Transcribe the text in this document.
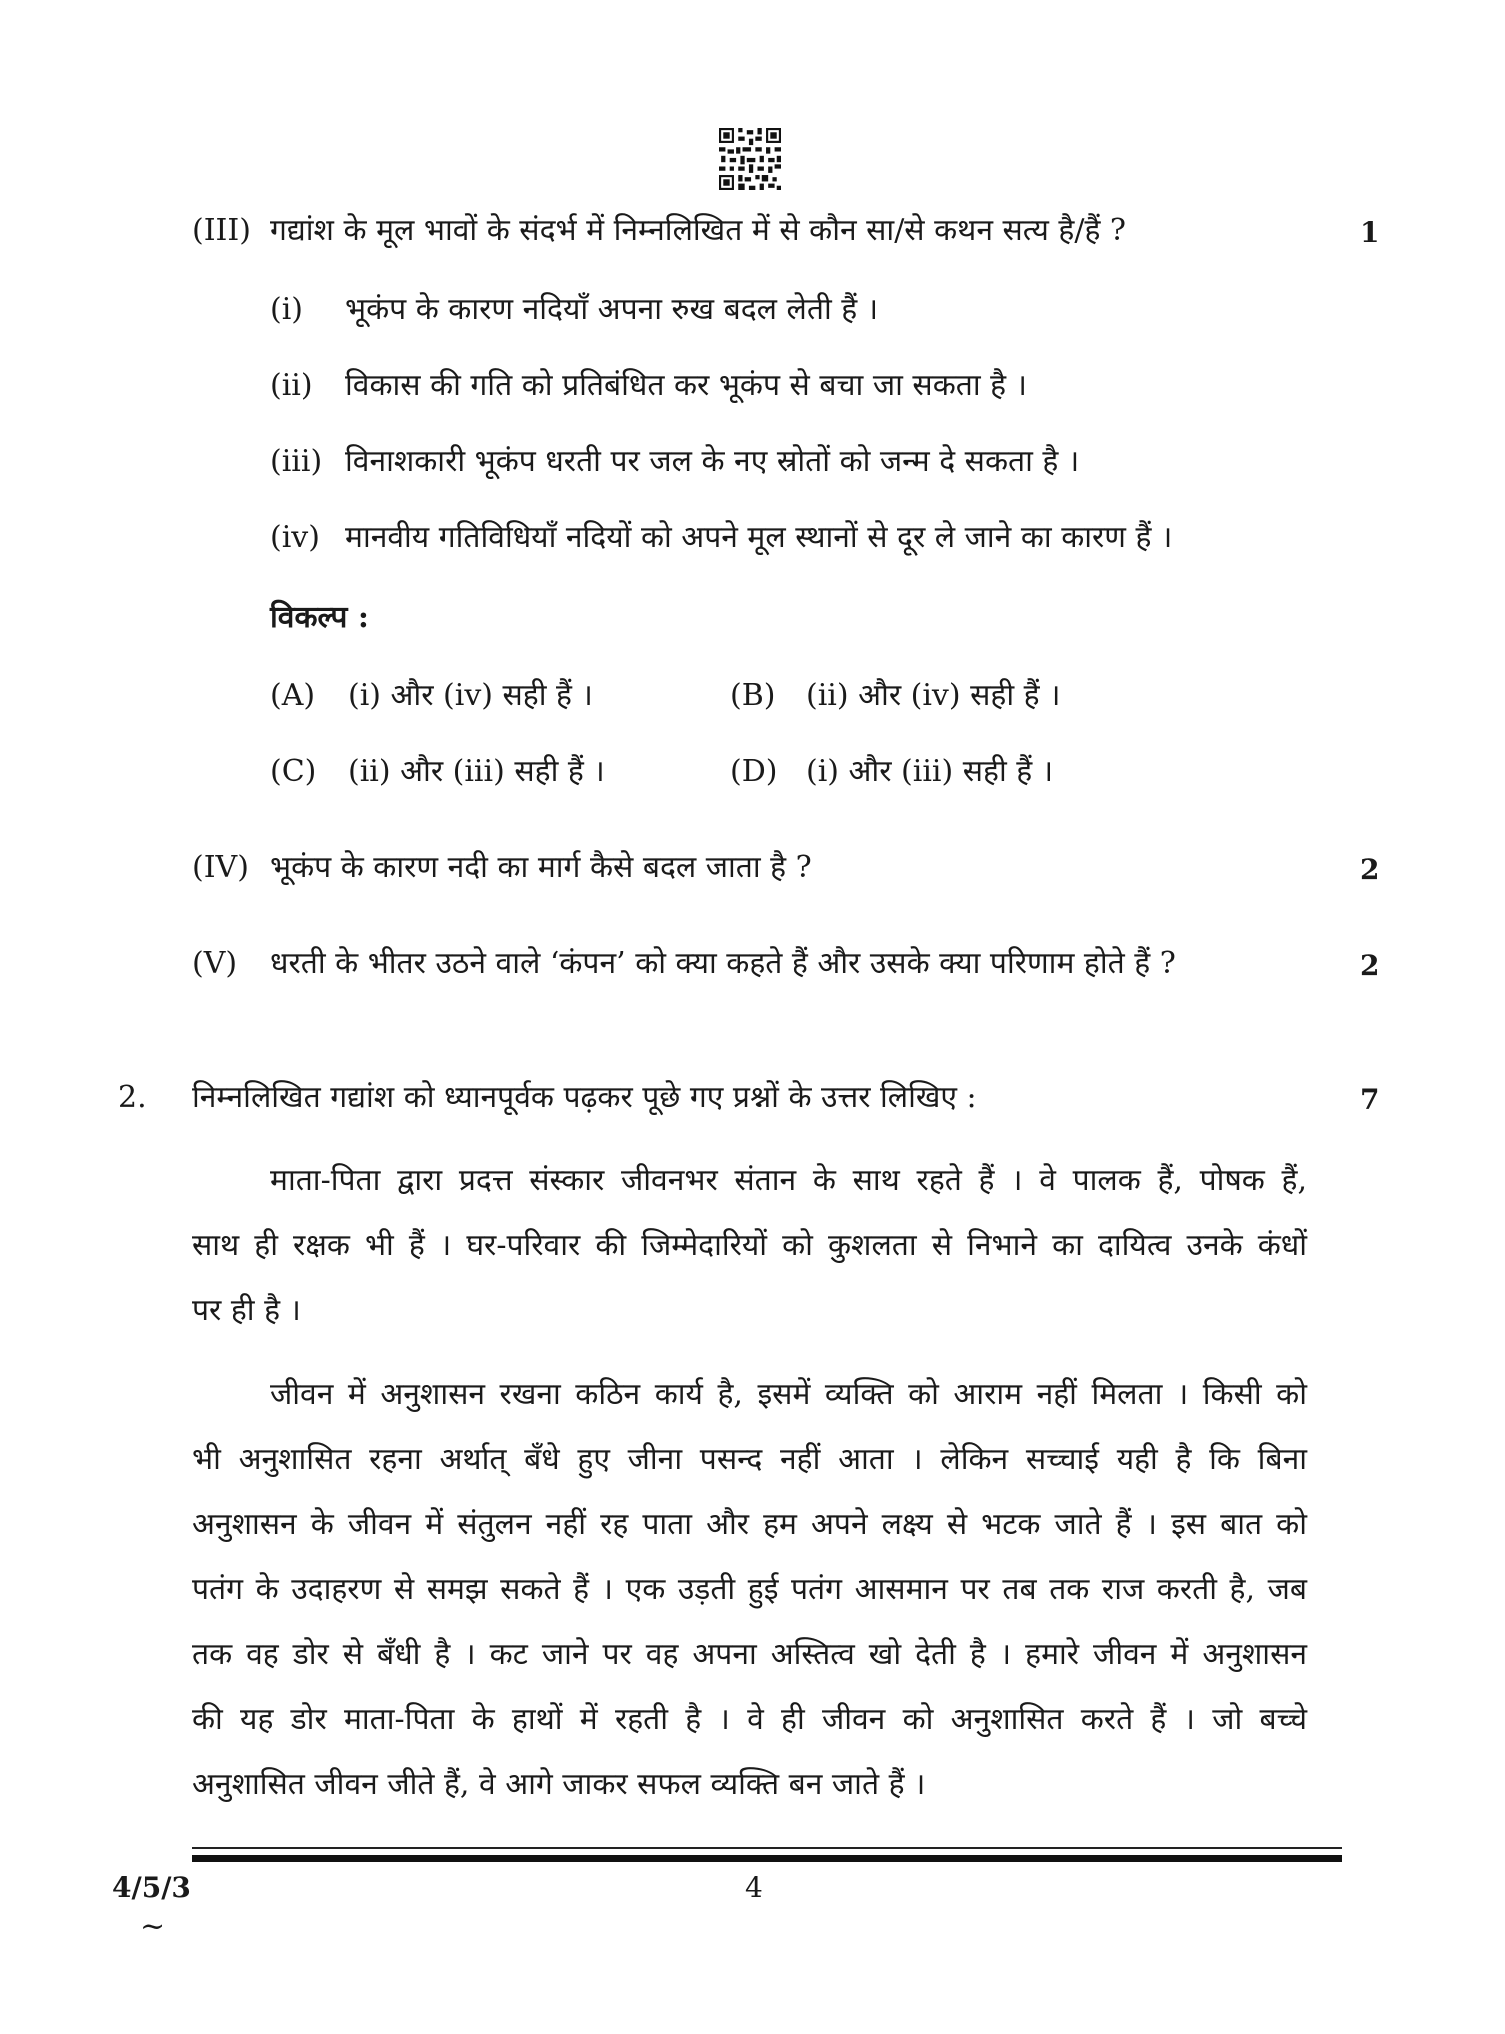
(III) गद्यांश के मूल भावों के संदर्भ में निम्नलिखित में से कौन सा/से कथन सत्य है/हैं ?	1
(i) भूकंप के कारण नदियाँ अपना रुख बदल लेती हैं ।
(ii) विकास की गति को प्रतिबंधित कर भूकंप से बचा जा सकता है ।
(iii) विनाशकारी भूकंप धरती पर जल के नए स्रोतों को जन्म दे सकता है ।
(iv) मानवीय गतिविधियाँ नदियों को अपने मूल स्थानों से दूर ले जाने का कारण हैं ।
विकल्प :
(A) (i) और (iv) सही हैं ।	(B) (ii) और (iv) सही हैं ।
(C) (ii) और (iii) सही हैं ।	(D) (i) और (iii) सही हैं ।
(IV) भूकंप के कारण नदी का मार्ग कैसे बदल जाता है ?	2
(V) धरती के भीतर उठने वाले ‘कंपन’ को क्या कहते हैं और उसके क्या परिणाम होते हैं ?	2
2. निम्नलिखित गद्यांश को ध्यानपूर्वक पढ़कर पूछे गए प्रश्नों के उत्तर लिखिए :	7
माता-पिता द्वारा प्रदत्त संस्कार जीवनभर संतान के साथ रहते हैं । वे पालक हैं, पोषक हैं,
साथ ही रक्षक भी हैं । घर-परिवार की जिम्मेदारियों को कुशलता से निभाने का दायित्व उनके कंधों
पर ही है ।
जीवन में अनुशासन रखना कठिन कार्य है, इसमें व्यक्ति को आराम नहीं मिलता । किसी को
भी अनुशासित रहना अर्थात् बँधे हुए जीना पसन्द नहीं आता । लेकिन सच्चाई यही है कि बिना
अनुशासन के जीवन में संतुलन नहीं रह पाता और हम अपने लक्ष्य से भटक जाते हैं । इस बात को
पतंग के उदाहरण से समझ सकते हैं । एक उड़ती हुई पतंग आसमान पर तब तक राज करती है, जब
तक वह डोर से बँधी है । कट जाने पर वह अपना अस्तित्व खो देती है । हमारे जीवन में अनुशासन
की यह डोर माता-पिता के हाथों में रहती है । वे ही जीवन को अनुशासित करते हैं । जो बच्चे
अनुशासित जीवन जीते हैं, वे आगे जाकर सफल व्यक्ति बन जाते हैं ।
4/5/3	4
~
